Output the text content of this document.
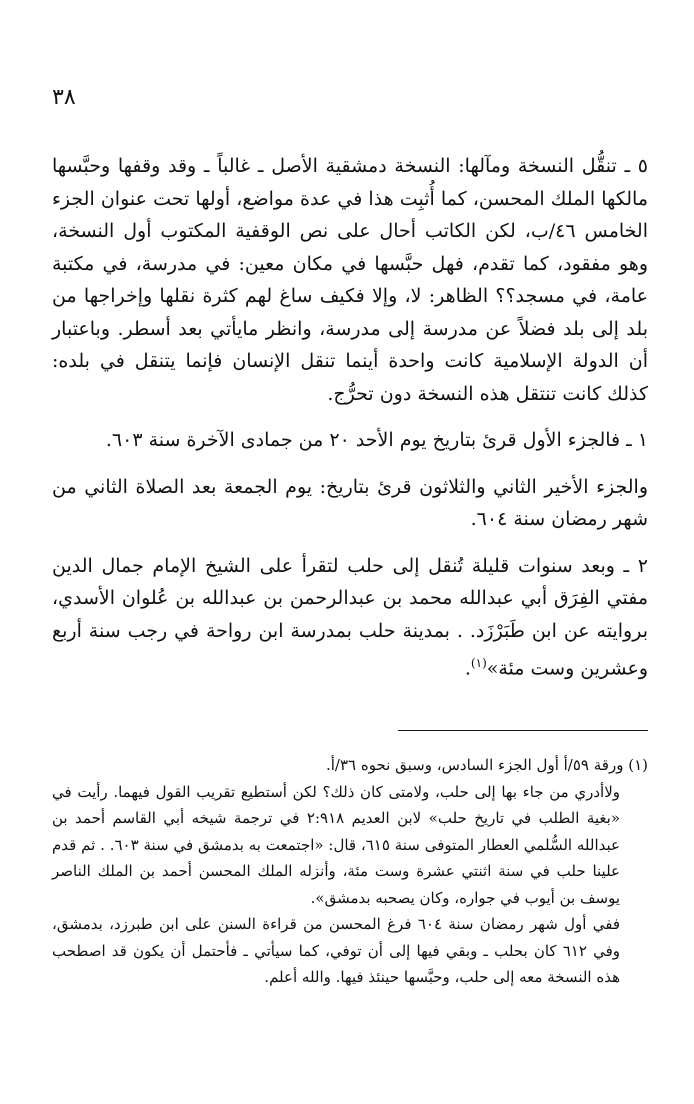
٣٨

٥ ـ تنقُّل النسخة ومآلها: النسخة دمشقية الأصل ـ غالباً ـ وقد وقفها وحبَّسها مالكها الملك المحسن، كما أُثبِت هذا في عدة مواضع، أولها تحت عنوان الجزء الخامس ٤٦/ب، لكن الكاتب أحال على نص الوقفية المكتوب أول النسخة، وهو مفقود، كما تقدم، فهل حبَّسها في مكان معين: في مدرسة، في مكتبة عامة، في مسجد؟؟ الظاهر: لا، وإلا فكيف ساغ لهم كثرة نقلها وإخراجها من بلد إلى بلد فضلاً عن مدرسة إلى مدرسة، وانظر مايأتي بعد أسطر. وباعتبار أن الدولة الإسلامية كانت واحدة أينما تنقل الإنسان فإنما يتنقل في بلده: كذلك كانت تنتقل هذه النسخة دون تحرُّج.

١ ـ فالجزء الأول قرئ بتاريخ يوم الأحد ٢٠ من جمادى الآخرة سنة ٦٠٣.

والجزء الأخير الثاني والثلاثون قرئ بتاريخ: يوم الجمعة بعد الصلاة الثاني من شهر رمضان سنة ٦٠٤.

٢ ـ وبعد سنوات قليلة تُنقل إلى حلب لتقرأ على الشيخ الإمام جمال الدين مفتي الفِرَق أبي عبدالله محمد بن عبدالرحمن بن عبدالله بن عُلوان الأسدي، بروايته عن ابن طَبَرْزَد. . بمدينة حلب بمدرسة ابن رواحة في رجب سنة أربع وعشرين وست مئة»$^{(١)}$.

(١) ورقة ٥٩/أ أول الجزء السادس، وسبق نحوه ٣٦/أ.

ولاأدري من جاء بها إلى حلب، ولامتى كان ذلك؟ لكن أستطيع تقريب القول فيهما. رأيت في «بغية الطلب في تاريخ حلب» لابن العديم ٢:٩١٨ في ترجمة شيخه أبي القاسم أحمد بن عبدالله السُّلمي العطار المتوفى سنة ٦١٥، قال: «اجتمعت به بدمشق في سنة ٦٠٣. . ثم قدم علينا حلب في سنة اثنتي عشرة وست مئة، وأنزله الملك المحسن أحمد بن الملك الناصر يوسف بن أيوب في جواره، وكان يصحبه بدمشق».

ففي أول شهر رمضان سنة ٦٠٤ فرغ المحسن من قراءة السنن على ابن طبرزد، بدمشق، وفي ٦١٢ كان بحلب ـ وبقي فيها إلى أن توفي، كما سيأتي ـ فأحتمل أن يكون قد اصطحب هذه النسخة معه إلى حلب، وحبَّسها حينئذ فيها. والله أعلم.
